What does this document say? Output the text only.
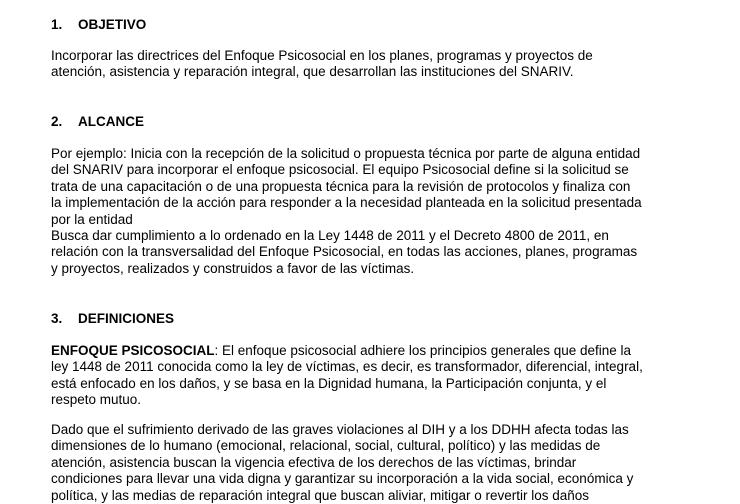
1. OBJETIVO
Incorporar las directrices del Enfoque Psicosocial en los planes, programas y proyectos de
atención, asistencia y reparación integral, que desarrollan las instituciones del SNARIV.
2. ALCANCE
Por ejemplo: Inicia con la recepción de la solicitud o propuesta técnica por parte de alguna entidad
del SNARIV para incorporar el enfoque psicosocial. El equipo Psicosocial define si la solicitud se
trata de una capacitación o de una propuesta técnica para la revisión de protocolos y finaliza con
la implementación de la acción para responder a la necesidad planteada en la solicitud presentada
por la entidad
Busca dar cumplimiento a lo ordenado en la Ley 1448 de 2011 y el Decreto 4800 de 2011, en
relación con la transversalidad del Enfoque Psicosocial, en todas las acciones, planes, programas
y proyectos, realizados y construidos a favor de las víctimas.
3. DEFINICIONES
ENFOQUE PSICOSOCIAL: El enfoque psicosocial adhiere los principios generales que define la
ley 1448 de 2011 conocida como la ley de víctimas, es decir, es transformador, diferencial, integral,
está enfocado en los daños, y se basa en la Dignidad humana, la Participación conjunta, y el
respeto mutuo.
Dado que el sufrimiento derivado de las graves violaciones al DIH y a los DDHH afecta todas las
dimensiones de lo humano (emocional, relacional, social, cultural, político) y las medidas de
atención, asistencia buscan la vigencia efectiva de los derechos de las víctimas, brindar
condiciones para llevar una vida digna y garantizar su incorporación a la vida social, económica y
política, y las medias de reparación integral que buscan aliviar, mitigar o revertir los daños
